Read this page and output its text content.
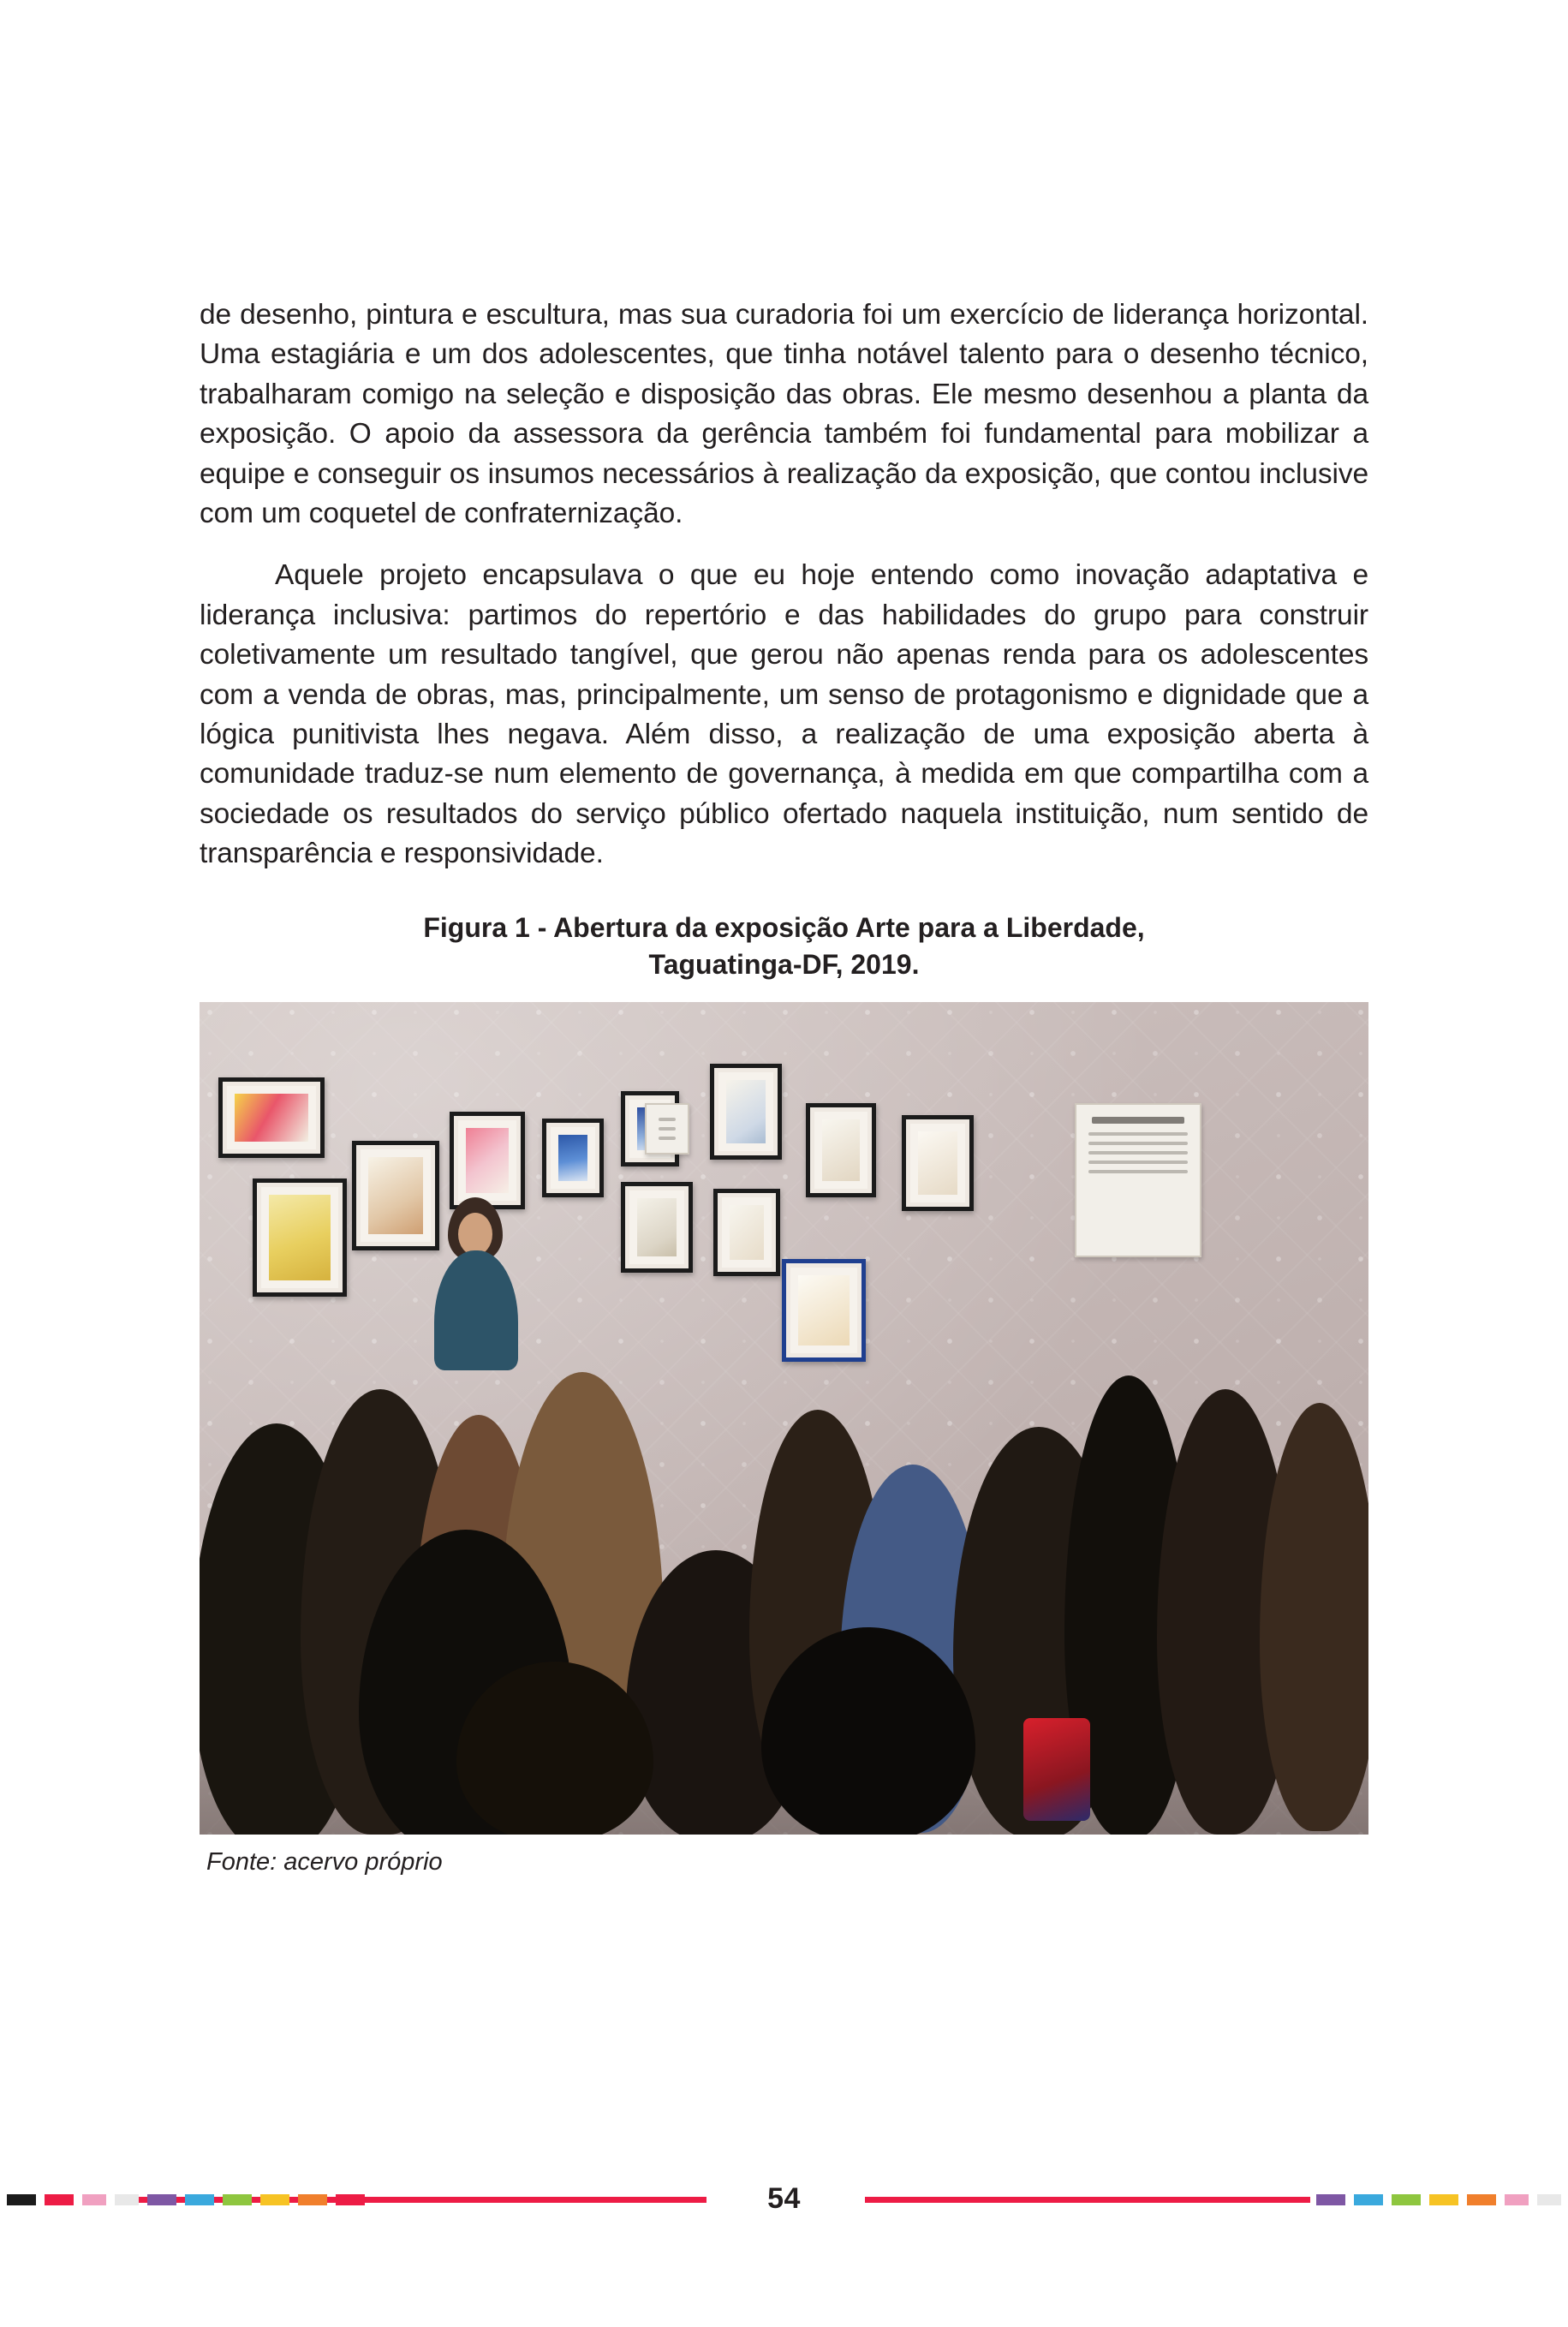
de desenho, pintura e escultura, mas sua curadoria foi um exercício de liderança horizontal. Uma estagiária e um dos adolescentes, que tinha notável talento para o desenho técnico, trabalharam comigo na seleção e disposição das obras. Ele mesmo desenhou a planta da exposição. O apoio da assessora da gerência também foi fundamental para mobilizar a equipe e conseguir os insumos necessários à realização da exposição, que contou inclusive com um coquetel de confraternização.

Aquele projeto encapsulava o que eu hoje entendo como inovação adaptativa e liderança inclusiva: partimos do repertório e das habilidades do grupo para construir coletivamente um resultado tangível, que gerou não apenas renda para os adolescentes com a venda de obras, mas, principalmente, um senso de protagonismo e dignidade que a lógica punitivista lhes negava. Além disso, a realização de uma exposição aberta à comunidade traduz-se num elemento de governança, à medida em que compartilha com a sociedade os resultados do serviço público ofertado naquela instituição, num sentido de transparência e responsividade.

Figura 1 - Abertura da exposição Arte para a Liberdade,
Taguatinga-DF, 2019.
Fonte: acervo próprio
54
